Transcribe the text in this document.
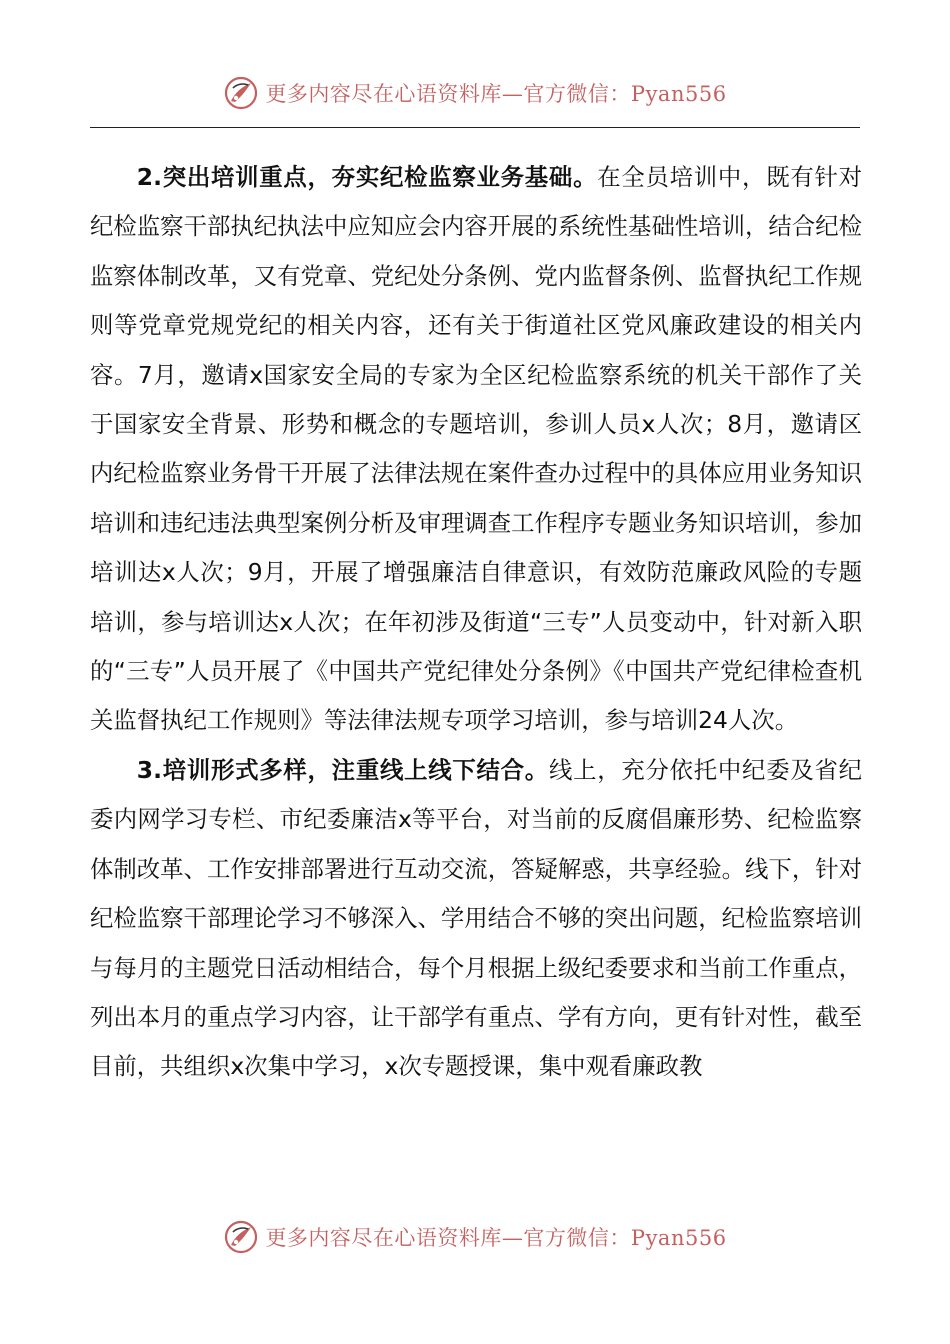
更多内容尽在心语资料库—官方微信：Pyan556

2.突出培训重点，夯实纪检监察业务基础。在全员培训中，既有针对纪检监察干部执纪执法中应知应会内容开展的系统性基础性培训，结合纪检监察体制改革，又有党章、党纪处分条例、党内监督条例、监督执纪工作规则等党章党规党纪的相关内容，还有关于街道社区党风廉政建设的相关内容。7月，邀请x国家安全局的专家为全区纪检监察系统的机关干部作了关于国家安全背景、形势和概念的专题培训，参训人员x人次；8月，邀请区内纪检监察业务骨干开展了法律法规在案件查办过程中的具体应用业务知识培训和违纪违法典型案例分析及审理调查工作程序专题业务知识培训，参加培训达x人次；9月，开展了增强廉洁自律意识，有效防范廉政风险的专题培训，参与培训达x人次；在年初涉及街道“三专”人员变动中，针对新入职的“三专”人员开展了《中国共产党纪律处分条例》《中国共产党纪律检查机关监督执纪工作规则》等法律法规专项学习培训，参与培训24人次。

3.培训形式多样，注重线上线下结合。线上，充分依托中纪委及省纪委内网学习专栏、市纪委廉洁x等平台，对当前的反腐倡廉形势、纪检监察体制改革、工作安排部署进行互动交流，答疑解惑，共享经验。线下，针对纪检监察干部理论学习不够深入、学用结合不够的突出问题，纪检监察培训与每月的主题党日活动相结合，每个月根据上级纪委要求和当前工作重点，列出本月的重点学习内容，让干部学有重点、学有方向，更有针对性，截至目前，共组织x次集中学习，x次专题授课，集中观看廉政教

更多内容尽在心语资料库—官方微信：Pyan556
